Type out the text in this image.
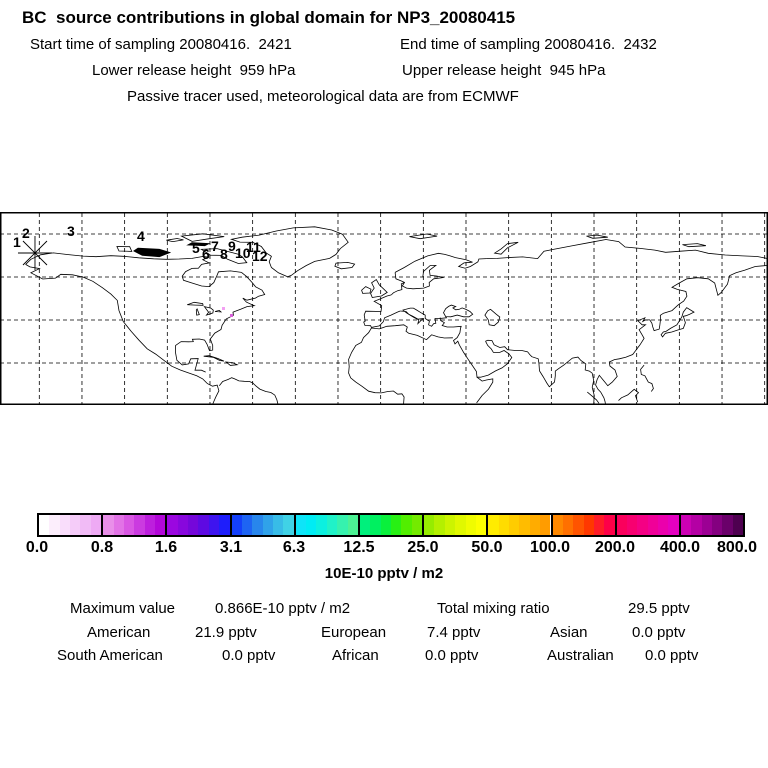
BC  source contributions in global domain for NP3_20080415
Start time of sampling 20080416.  2421	End time of sampling 20080416.  2432
Lower release height  959 hPa	Upper release height  945 hPa
Passive tracer used, meteorological data are from ECMWF
1
2	3	4
5 6 7 8 9 10
11
12
0.0	0.8	1.6	3.1	6.3 12.5 25.0 50.0 100.0 200.0 400.0 800.0
10E-10 pptv / m2
Maximum value	0.866E-10 pptv / m2	Total mixing ratio	29.5 pptv
American	21.9 pptv	European	7.4 pptv	Asian	0.0 pptv
South American	0.0 pptv	African	0.0 pptv	Australian 0.0 pptv
